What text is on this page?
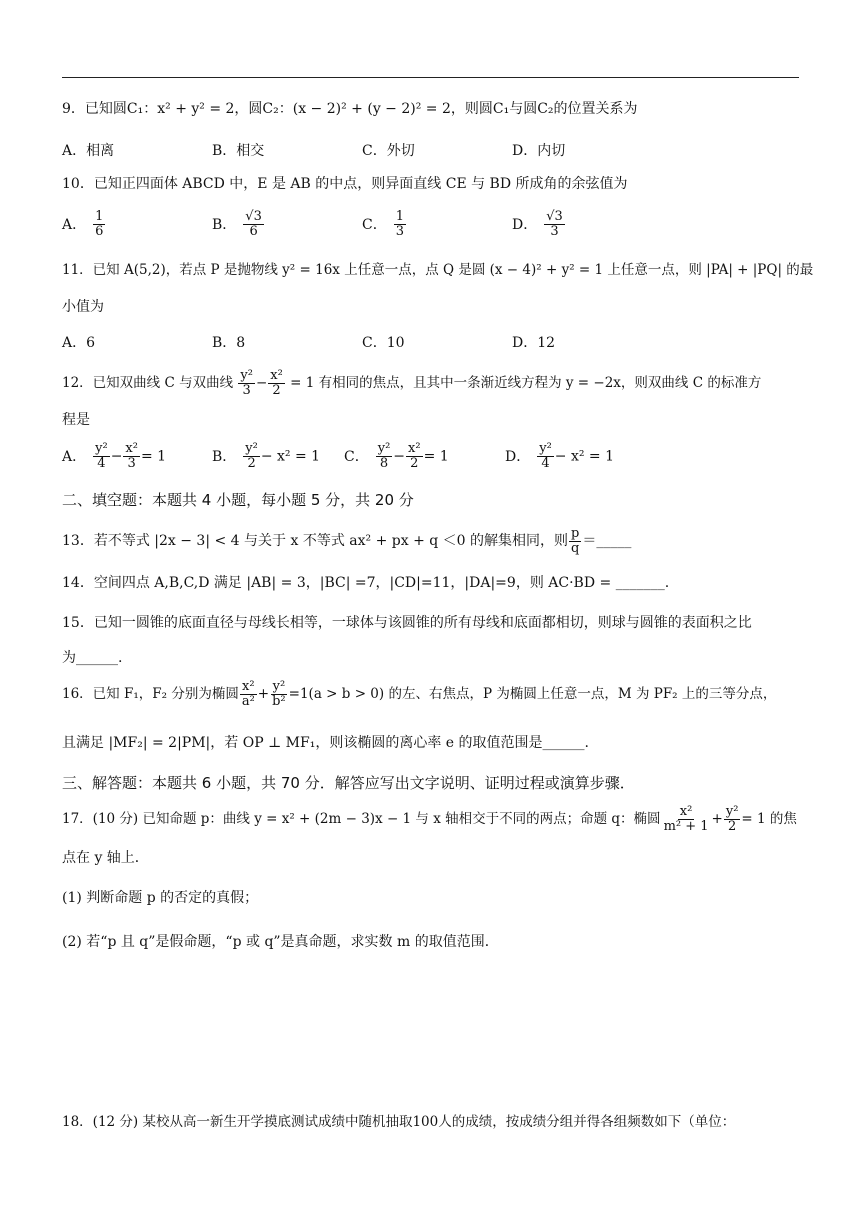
9．已知圆C₁：x² + y² = 2，圆C₂：(x − 2)² + (y − 2)² = 2，则圆C₁与圆C₂的位置关系为
A．相离	B．相交	C．外切	D．内切
10．已知正四面体 ABCD 中，E 是 AB 的中点，则异面直线 CE 与 BD 所成角的余弦值为
A． $\frac{1}{6}$	B． $\frac{√3}{6}$	C． $\frac{1}{3}$	D． $\frac{√3}{3}$
11．已知 A(5,2)，若点 P 是抛物线 y² = 16x 上任意一点，点 Q 是圆 (x − 4)² + y² = 1 上任意一点，则 |PA| + |PQ| 的最
小值为
A．6	B．8	C．10	D．12
12．已知双曲线 C 与双曲线 $\frac{\text{y²}}{3} - \frac{\text{x²}}{2} = 1$ 有相同的焦点，且其中一条渐近线方程为 y = −2x，则双曲线 C 的标准方
程是
A． $\frac{\text{y²}}{4} - \frac{\text{x²}}{3} = 1$	B． $\frac{\text{y²}}{2} - x^2 = 1$ C． $\frac{\text{y²}}{8} - \frac{\text{x²}}{2} = 1$	D． $\frac{\text{y²}}{4} - x^2 = 1$
二、填空题：本题共 4 小题，每小题 5 分，共 20 分
13．若不等式 |2x − 3| < 4 与关于 x 不等式 ax² + px + q ＜0 的解集相同，则 $\frac{p}{q}$ ＝_____
14．空间四点 A,B,C,D 满足 |AB| = 3，|BC| =7，|CD|=11，|DA|=9，则 AC·BD = _______.
15．已知一圆锥的底面直径与母线长相等，一球体与该圆锥的所有母线和底面都相切，则球与圆锥的表面积之比
为______.
16．已知 F₁，F₂ 分别为椭圆 $\frac{\text{x²}}{\text{a²}} + \frac{\text{y²}}{\text{b²}} =1(a > b > 0)$ 的左、右焦点，P 为椭圆上任意一点，M 为 PF₂ 上的三等分点，
且满足 |MF₂| = 2|PM|，若 OP ⊥ MF₁，则该椭圆的离心率 e 的取值范围是______.
三、解答题：本题共 6 小题，共 70 分．解答应写出文字说明、证明过程或演算步骤．
17．(10 分) 已知命题 p：曲线 y = x² + (2m − 3)x − 1 与 x 轴相交于不同的两点；命题 q：椭圆 $\frac{\text{x²}}{\text{m² + 1}} + \frac{\text{y²}}{2} = 1$ 的焦
点在 y 轴上．
(1) 判断命题 p 的否定的真假；
(2) 若“p 且 q”是假命题，“p 或 q”是真命题，求实数 m 的取值范围．
18．(12 分) 某校从高一新生开学摸底测试成绩中随机抽取100人的成绩，按成绩分组并得各组频数如下（单位：
